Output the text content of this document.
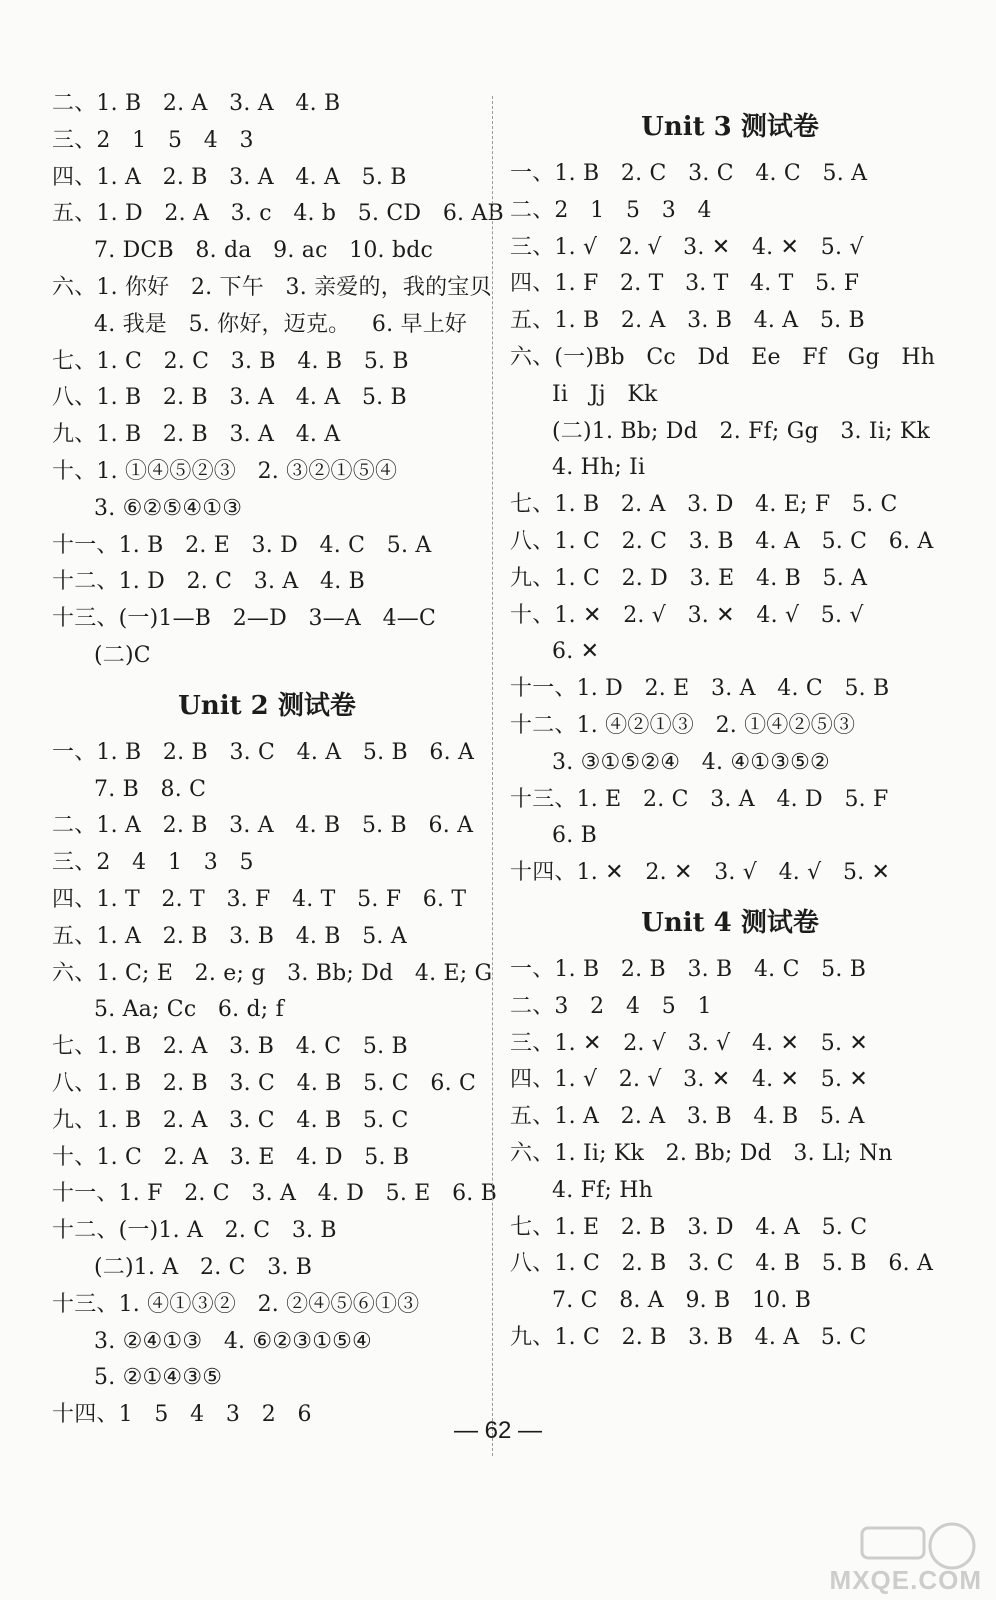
二、1. B   2. A   3. A   4. B
三、2   1   5   4   3
四、1. A   2. B   3. A   4. A   5. B
五、1. D   2. A   3. c   4. b   5. CD   6. AB
7. DCB   8. da   9. ac   10. bdc
六、1. 你好   2. 下午   3. 亲爱的，我的宝贝
4. 我是   5. 你好，迈克。   6. 早上好
七、1. C   2. C   3. B   4. B   5. B
八、1. B   2. B   3. A   4. A   5. B
九、1. B   2. B   3. A   4. A
十、1. ①④⑤②③   2. ③②①⑤④
3. ⑥②⑤④①③
十一、1. B   2. E   3. D   4. C   5. A
十二、1. D   2. C   3. A   4. B
十三、(一)1—B   2—D   3—A   4—C
(二)C
Unit 2 测试卷
一、1. B   2. B   3. C   4. A   5. B   6. A
7. B   8. C
二、1. A   2. B   3. A   4. B   5. B   6. A
三、2   4   1   3   5
四、1. T   2. T   3. F   4. T   5. F   6. T
五、1. A   2. B   3. B   4. B   5. A
六、1. C; E   2. e; g   3. Bb; Dd   4. E; G
5. Aa; Cc   6. d; f
七、1. B   2. A   3. B   4. C   5. B
八、1. B   2. B   3. C   4. B   5. C   6. C
九、1. B   2. A   3. C   4. B   5. C
十、1. C   2. A   3. E   4. D   5. B
十一、1. F   2. C   3. A   4. D   5. E   6. B
十二、(一)1. A   2. C   3. B
(二)1. A   2. C   3. B
十三、1. ④①③②   2. ②④⑤⑥①③
3. ②④①③   4. ⑥②③①⑤④
5. ②①④③⑤
十四、1   5   4   3   2   6
Unit 3 测试卷
一、1. B   2. C   3. C   4. C   5. A
二、2   1   5   3   4
三、1. √   2. √   3. ✕   4. ✕   5. √
四、1. F   2. T   3. T   4. T   5. F
五、1. B   2. A   3. B   4. A   5. B
六、(一)Bb   Cc   Dd   Ee   Ff   Gg   Hh
Ii   Jj   Kk
(二)1. Bb; Dd   2. Ff; Gg   3. Ii; Kk
4. Hh; Ii
七、1. B   2. A   3. D   4. E; F   5. C
八、1. C   2. C   3. B   4. A   5. C   6. A
九、1. C   2. D   3. E   4. B   5. A
十、1. ✕   2. √   3. ✕   4. √   5. √
6. ✕
十一、1. D   2. E   3. A   4. C   5. B
十二、1. ④②①③   2. ①④②⑤③
3. ③①⑤②④   4. ④①③⑤②
十三、1. E   2. C   3. A   4. D   5. F
6. B
十四、1. ✕   2. ✕   3. √   4. √   5. ✕
Unit 4 测试卷
一、1. B   2. B   3. B   4. C   5. B
二、3   2   4   5   1
三、1. ✕   2. √   3. √   4. ✕   5. ✕
四、1. √   2. √   3. ✕   4. ✕   5. ✕
五、1. A   2. A   3. B   4. B   5. A
六、1. Ii; Kk   2. Bb; Dd   3. Ll; Nn
4. Ff; Hh
七、1. E   2. B   3. D   4. A   5. C
八、1. C   2. B   3. C   4. B   5. B   6. A
7. C   8. A   9. B   10. B
九、1. C   2. B   3. B   4. A   5. C
— 62 —
MXQE.COM
